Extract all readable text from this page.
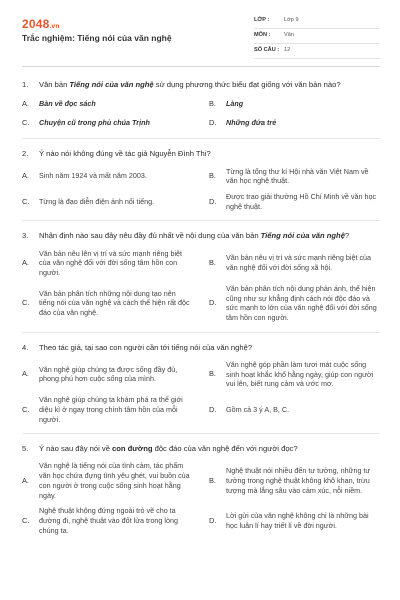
2048.vn
Trắc nghiệm: Tiếng nói của văn nghệ
LỚP :	Lớp 9
MÔN :	Văn
SỐ CÂU : 12
1.	Văn bản Tiếng nói của văn nghệ sử dụng phương thức biểu đạt giống với văn bản nào?
A.	Bàn về đọc sách	B.	Làng
C.	Chuyện cũ trong phủ chúa Trịnh	D.	Những đứa trẻ
2.	Ý nào nói không đúng về tác giả Nguyễn Đình Thi?
A.	Sinh năm 1924 và mất năm 2003.	B.
Từng là tổng thư kí Hội nhà văn Việt Nam về văn học nghệ thuật.
C.	Từng là đạo diễn điện ảnh nổi tiếng.	D.
Được trao giải thưởng Hồ Chí Minh về văn học nghệ thuật.
3.	Nhận định nào sau đây nêu đầy đủ nhất về nội dung của văn bản Tiếng nói của văn nghệ?
A.
Văn bản nêu lên vị trí và sức mạnh riêng biệt của văn nghệ đối với đời sống tâm hồn con người.
B.
Văn bản nêu vị trí và sức mạnh riêng biệt của văn nghệ đối với đời sống xã hội.
C.
Văn bản phân tích những nội dung tạo nên tiếng nói của văn nghệ và cách thể hiện rất độc đáo của văn nghệ.
D.
Văn bản phân tích nội dung phản ánh, thể hiện cũng như sự khẳng định cách nói độc đáo và sức mạnh to lớn của văn nghệ đối với đời sống tâm hồn con người.
4.	Theo tác giả, tại sao con người cần tới tiếng nói của văn nghệ?
A.
Văn nghệ giúp chúng ta được sống đầy đủ, phong phú hơn cuộc sống của mình.
B.
Văn nghệ góp phần làm tươi mát cuộc sống sinh hoạt khắc khổ hằng ngày, giúp con người vui lên, biết rung cảm và ước mơ.
C.
Văn nghệ giúp chúng ta khám phá ra thế giới diệu kì ở ngay trong chính tâm hồn của mỗi người.
D.	Gồm cả 3 ý A, B, C.
5.	Ý nào sau đây nói về con đường độc đáo của văn nghệ đến với người đọc?
A.
Văn nghệ là tiếng nói của tình cảm, tác phẩm văn học chứa đựng tình yêu ghét, vui buồn của con người ở trong cuộc sống sinh hoạt hằng ngày.
B.
Nghệ thuật nói nhiều đến tư tưởng, những tư tưởng trong nghệ thuật không khô khan, trừu tượng mà lắng sâu vào cảm xúc, nỗi niềm.
C.
Nghệ thuật không đứng ngoài trỏ vẽ cho ta đường đi, nghệ thuật vào đốt lửa trong lòng chúng ta.
D.
Lời gửi của văn nghệ không chỉ là những bài học luân lí hay triết lí về đời người.
